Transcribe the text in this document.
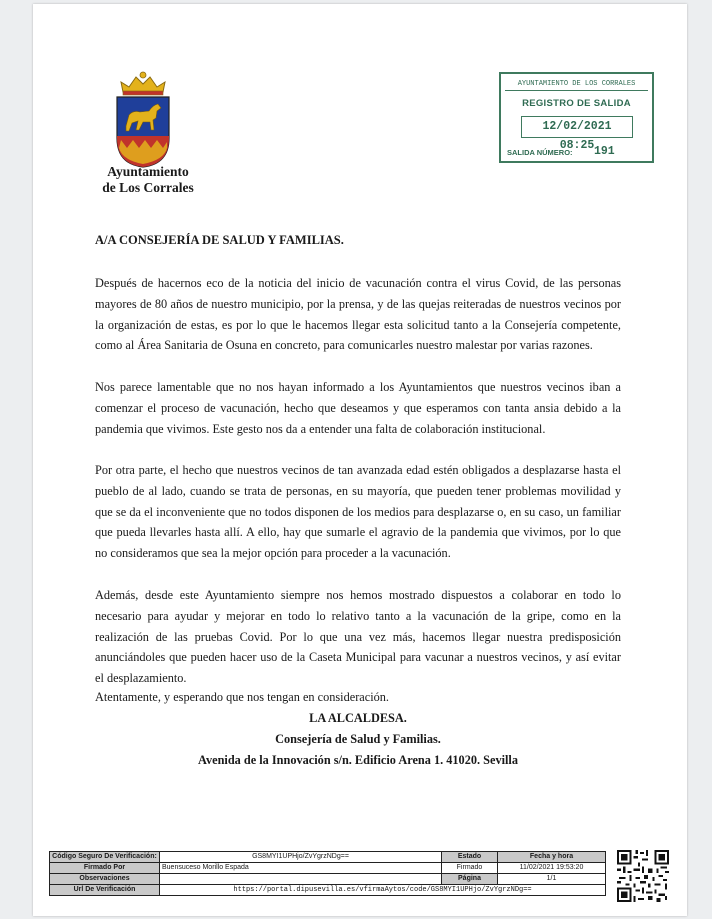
Ayuntamiento
de Los Corrales
AYUNTAMIENTO DE LOS CORRALES
REGISTRO DE SALIDA
12/02/2021 08:25
SALIDA NÚMERO: 191
A/A CONSEJERÍA DE SALUD Y FAMILIAS.

Después de hacernos eco de la noticia del inicio de vacunación contra el virus Covid, de las personas mayores de 80 años de nuestro municipio, por la prensa, y de las quejas reiteradas de nuestros vecinos por la organización de estas, es por lo que le hacemos llegar esta solicitud tanto a la Consejería competente, como al Área Sanitaria de Osuna en concreto, para comunicarles nuestro malestar por varias razones.

Nos parece lamentable que no nos hayan informado a los Ayuntamientos que nuestros vecinos iban a comenzar el proceso de vacunación, hecho que deseamos y que esperamos con tanta ansia debido a la pandemia que vivimos. Este gesto nos da a entender una falta de colaboración institucional.

Por otra parte, el hecho que nuestros vecinos de tan avanzada edad estén obligados a desplazarse hasta el pueblo de al lado, cuando se trata de personas, en su mayoría, que pueden tener problemas movilidad y que se da el inconveniente que no todos disponen de los medios para desplazarse o, en su caso, un familiar que pueda llevarles hasta allí. A ello, hay que sumarle el agravio de la pandemia que vivimos, por lo que no consideramos que sea la mejor opción para proceder a la vacunación.

Además, desde este Ayuntamiento siempre nos hemos mostrado dispuestos a colaborar en todo lo necesario para ayudar y mejorar en todo lo relativo tanto a la vacunación de la gripe, como en la realización de las pruebas Covid. Por lo que una vez más, hacemos llegar nuestra predisposición anunciándoles que pueden hacer uso de la Caseta Municipal para vacunar a nuestros vecinos, y así evitar el desplazamiento.

Atentamente, y esperando que nos tengan en consideración.
LA ALCALDESA.
Consejería de Salud y Familias.
Avenida de la Innovación s/n. Edificio Arena 1. 41020. Sevilla
Código Seguro De Verificación:	GS8MYI1UPHjo/ZvYgrzNDg==	Estado	Fecha y hora
Firmado Por	Buensuceso Morillo Espada	Firmado	11/02/2021 19:53:20
Observaciones		Página	1/1
Url De Verificación	https://portal.dipusevilla.es/vfirmaAytos/code/GS8MYI1UPHjo/ZvYgrzNDg==		
